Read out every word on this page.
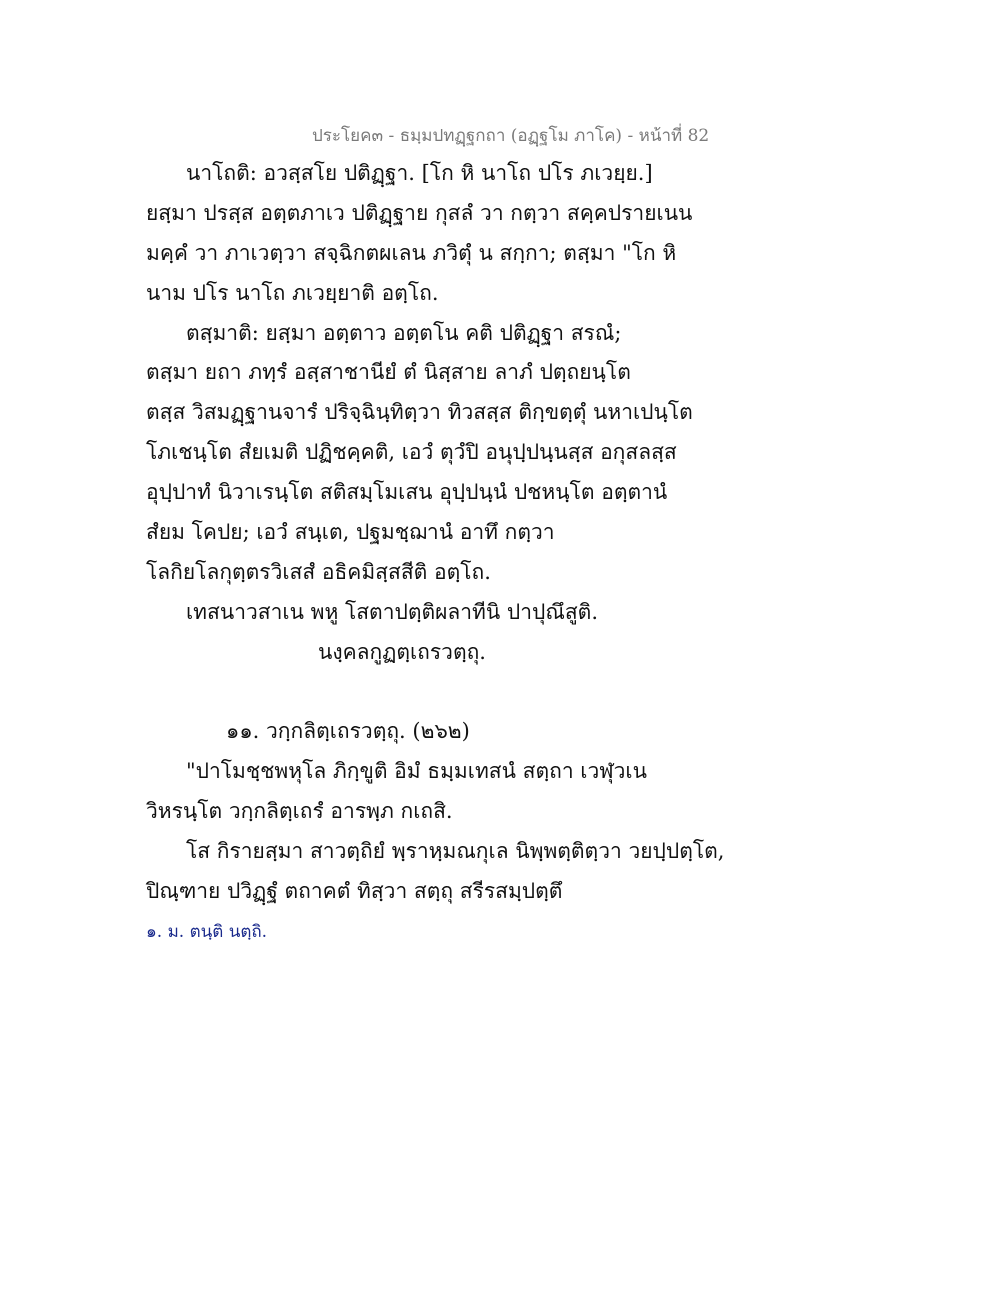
ประโยค๓ - ธมฺมปทฏฺฐกถา (อฏฺฐโม ภาโค) - หน้าที่ 82
นาโถติ: อวสฺสโย ปติฏฺฐา. [โก หิ นาโถ ปโร ภเวยฺย.]
ยสฺมา ปรสฺส อตฺตภาเว ปติฏฺฐาย กุสลํ วา กตฺวา สคฺคปรายเนน
มคฺคํ วา ภาเวตฺวา สจฺฉิกตผเลน ภวิตุํ น สกฺกา; ตสฺมา "โก หิ
นาม ปโร นาโถ ภเวยฺยาติ อตฺโถ.
ตสฺมาติ: ยสฺมา อตฺตาว อตฺตโน คติ ปติฏฺฐา สรณํ;
ตสฺมา ยถา ภทฺรํ อสฺสาชานียํ ตํ นิสฺสาย ลาภํ ปตฺถยนฺโต
ตสฺส วิสมฏฺฐานจารํ ปริจฺฉินฺทิตฺวา ทิวสสฺส ติกฺขตฺตุํ นหาเปนฺโต
โภเชนฺโต สํยเมติ ปฏิชคฺคติ, เอวํ ตุวํปิ อนุปฺปนฺนสฺส อกุสลสฺส
อุปฺปาทํ นิวาเรนฺโต สติสมฺโมเสน อุปฺปนฺนํ ปชหนฺโต อตฺตานํ
สํยม โคปย; เอวํ สนฺเต, ปฐมชฺฌานํ อาทึ กตฺวา
โลกิยโลกุตฺตรวิเสสํ อธิคมิสฺสสีติ อตฺโถ.
เทสนาวสาเน พหู โสตาปตฺติผลาทีนิ ปาปุณึสูติ.
นงฺคลกูฏตฺเถรวตฺถุ.
๑๑. วกฺกลิตฺเถรวตฺถุ. (๒๖๒)
"ปาโมชฺชพหุโล ภิกฺขูติ อิมํ ธมฺมเทสนํ สตฺถา เวฬุวเน
วิหรนฺโต วกฺกลิตฺเถรํ อารพฺภ กเถสิ.
โส กิรายสฺมา สาวตฺถิยํ พฺราหฺมณกุเล นิพฺพตฺติตฺวา วยปฺปตฺโต,
ปิณฺฑาย ปวิฏฺฐํ ตถาคตํ ทิสฺวา สตฺถุ สรีรสมฺปตฺตึ
๑. ม. ตนฺติ นตฺถิ.
